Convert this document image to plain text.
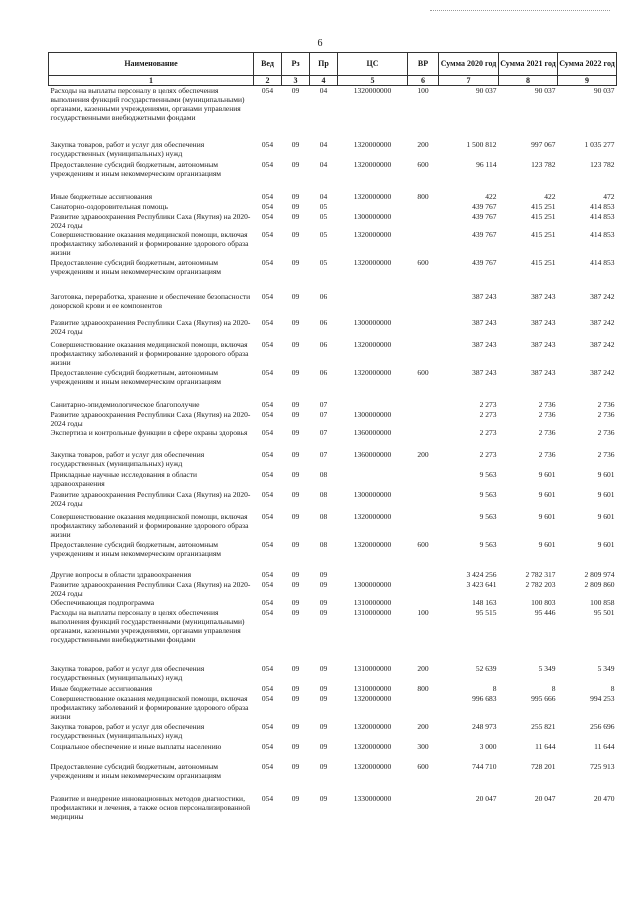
6
Наименование	Вед	Рз	Пр	ЦС	ВР	Сумма 2020 год	Сумма 2021 год	Сумма 2022 год
1	2	3	4	5	6	7	8	9
Расходы на выплаты персоналу в целях обеспечения выполнения функций государственными (муниципальными) органами, казенными учреждениями, органами управления государственными внебюджетными фондами	054	09	04	1320000000	100	90 037	90 037	90 037
Закупка товаров, работ и услуг для обеспечения государственных (муниципальных) нужд	054	09	04	1320000000	200	1 500 812	997 067	1 035 277
Предоставление субсидий бюджетным, автономным учреждениям и иным некоммерческим организациям	054	09	04	1320000000	600	96 114	123 782	123 782
Иные бюджетные ассигнования	054	09	04	1320000000	800	422	422	472
Санаторно-оздоровительная помощь	054	09	05			439 767	415 251	414 853
Развитие здравоохранения Республики Саха (Якутия) на 2020-2024 годы	054	09	05	1300000000		439 767	415 251	414 853
Совершенствование оказания медицинской помощи, включая профилактику заболеваний и формирование здорового образа жизни	054	09	05	1320000000		439 767	415 251	414 853
Предоставление субсидий бюджетным, автономным учреждениям и иным некоммерческим организациям	054	09	05	1320000000	600	439 767	415 251	414 853
Заготовка, переработка, хранение и обеспечение безопасности донорской крови и ее компонентов	054	09	06			387 243	387 243	387 242
Развитие здравоохранения Республики Саха (Якутия) на 2020-2024 годы	054	09	06	1300000000		387 243	387 243	387 242
Совершенствование оказания медицинской помощи, включая профилактику заболеваний и формирование здорового образа жизни	054	09	06	1320000000		387 243	387 243	387 242
Предоставление субсидий бюджетным, автономным учреждениям и иным некоммерческим организациям	054	09	06	1320000000	600	387 243	387 243	387 242
Санитарно-эпидемиологическое благополучие	054	09	07			2 273	2 736	2 736
Развитие здравоохранения Республики Саха (Якутия) на 2020-2024 годы	054	09	07	1300000000		2 273	2 736	2 736
Экспертиза и контрольные функции в сфере охраны здоровья	054	09	07	1360000000		2 273	2 736	2 736
Закупка товаров, работ и услуг для обеспечения государственных (муниципальных) нужд	054	09	07	1360000000	200	2 273	2 736	2 736
Прикладные научные исследования в области здравоохранения	054	09	08			9 563	9 601	9 601
Развитие здравоохранения Республики Саха (Якутия) на 2020-2024 годы	054	09	08	1300000000		9 563	9 601	9 601
Совершенствование оказания медицинской помощи, включая профилактику заболеваний и формирование здорового образа жизни	054	09	08	1320000000		9 563	9 601	9 601
Предоставление субсидий бюджетным, автономным учреждениям и иным некоммерческим организациям	054	09	08	1320000000	600	9 563	9 601	9 601
Другие вопросы в области здравоохранения	054	09	09			3 424 256	2 782 317	2 809 974
Развитие здравоохранения Республики Саха (Якутия) на 2020-2024 годы	054	09	09	1300000000		3 423 641	2 782 203	2 809 860
Обеспечивающая подпрограмма	054	09	09	1310000000		148 163	100 803	100 858
Расходы на выплаты персоналу в целях обеспечения выполнения функций государственными (муниципальными) органами, казенными учреждениями, органами управления государственными внебюджетными фондами	054	09	09	1310000000	100	95 515	95 446	95 501
Закупка товаров, работ и услуг для обеспечения государственных (муниципальных) нужд	054	09	09	1310000000	200	52 639	5 349	5 349
Иные бюджетные ассигнования	054	09	09	1310000000	800	8	8	8
Совершенствование оказания медицинской помощи, включая профилактику заболеваний и формирование здорового образа жизни	054	09	09	1320000000		996 683	995 666	994 253
Закупка товаров, работ и услуг для обеспечения государственных (муниципальных) нужд	054	09	09	1320000000	200	248 973	255 821	256 696
Социальное обеспечение и иные выплаты населению	054	09	09	1320000000	300	3 000	11 644	11 644
Предоставление субсидий бюджетным, автономным учреждениям и иным некоммерческим организациям	054	09	09	1320000000	600	744 710	728 201	725 913
Развитие и внедрение инновационных методов диагностики, профилактики и лечения, а также основ персонализированной медицины	054	09	09	1330000000		20 047	20 047	20 470
